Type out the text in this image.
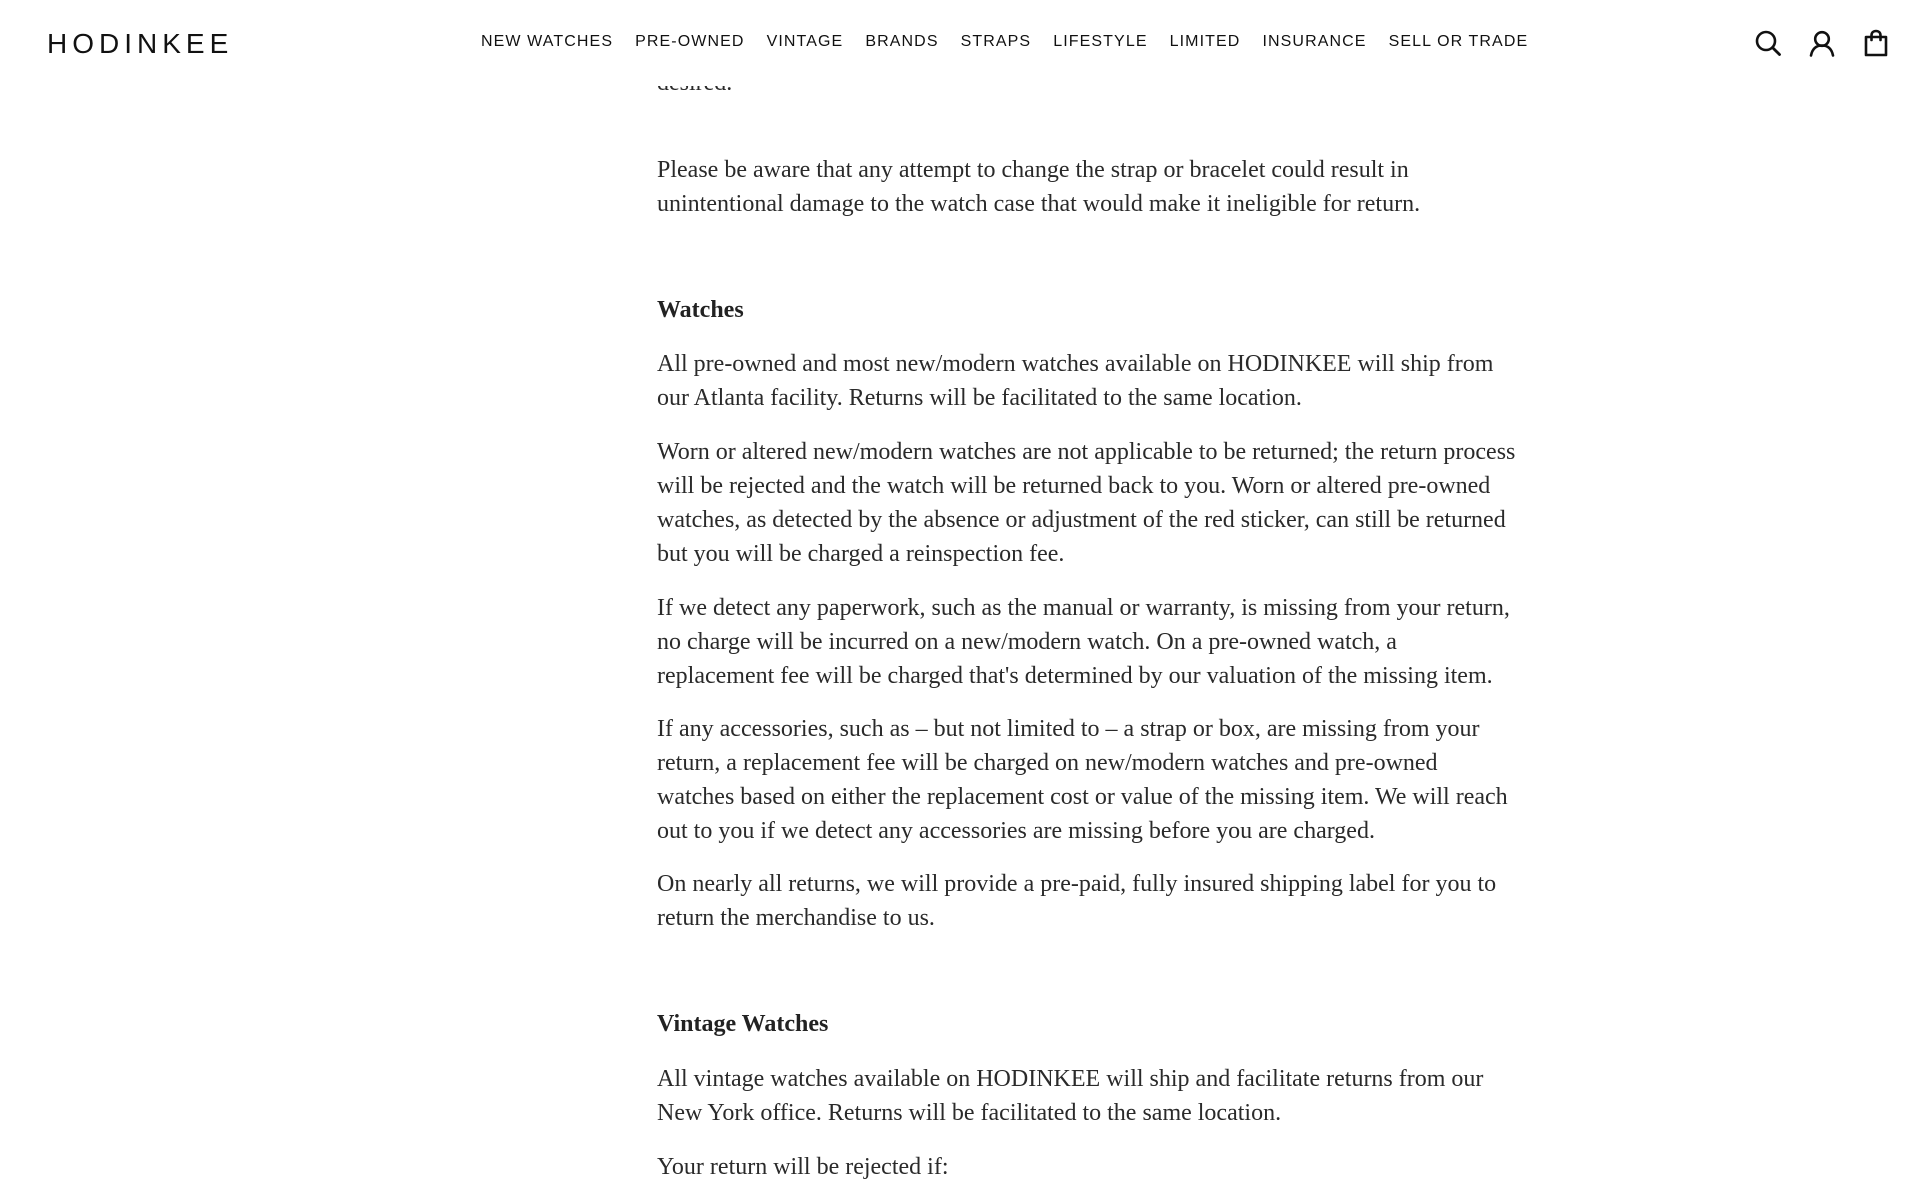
Please be aware that any attempt to change the strap or bracelet could result in unintentional damage to the watch case that would make it ineligible for return.

Watches

All pre-owned and most new/modern watches available on HODINKEE will ship from our Atlanta facility. Returns will be facilitated to the same location.

Worn or altered new/modern watches are not applicable to be returned; the return process will be rejected and the watch will be returned back to you. Worn or altered pre-owned watches, as detected by the absence or adjustment of the red sticker, can still be returned but you will be charged a reinspection fee.

If we detect any paperwork, such as the manual or warranty, is missing from your return, no charge will be incurred on a new/modern watch. On a pre-owned watch, a replacement fee will be charged that's determined by our valuation of the missing item.

If any accessories, such as – but not limited to – a strap or box, are missing from your return, a replacement fee will be charged on new/modern watches and pre-owned watches based on either the replacement cost or value of the missing item. We will reach out to you if we detect any accessories are missing before you are charged.

On nearly all returns, we will provide a pre-paid, fully insured shipping label for you to return the merchandise to us.

Vintage Watches

All vintage watches available on HODINKEE will ship and facilitate returns from our New York office. Returns will be facilitated to the same location.

Your return will be rejected if:

HODINKEE	NEW WATCHES PRE-OWNED VINTAGE BRANDS STRAPS LIFESTYLE LIMITED INSURANCE SELL OR TRADE
